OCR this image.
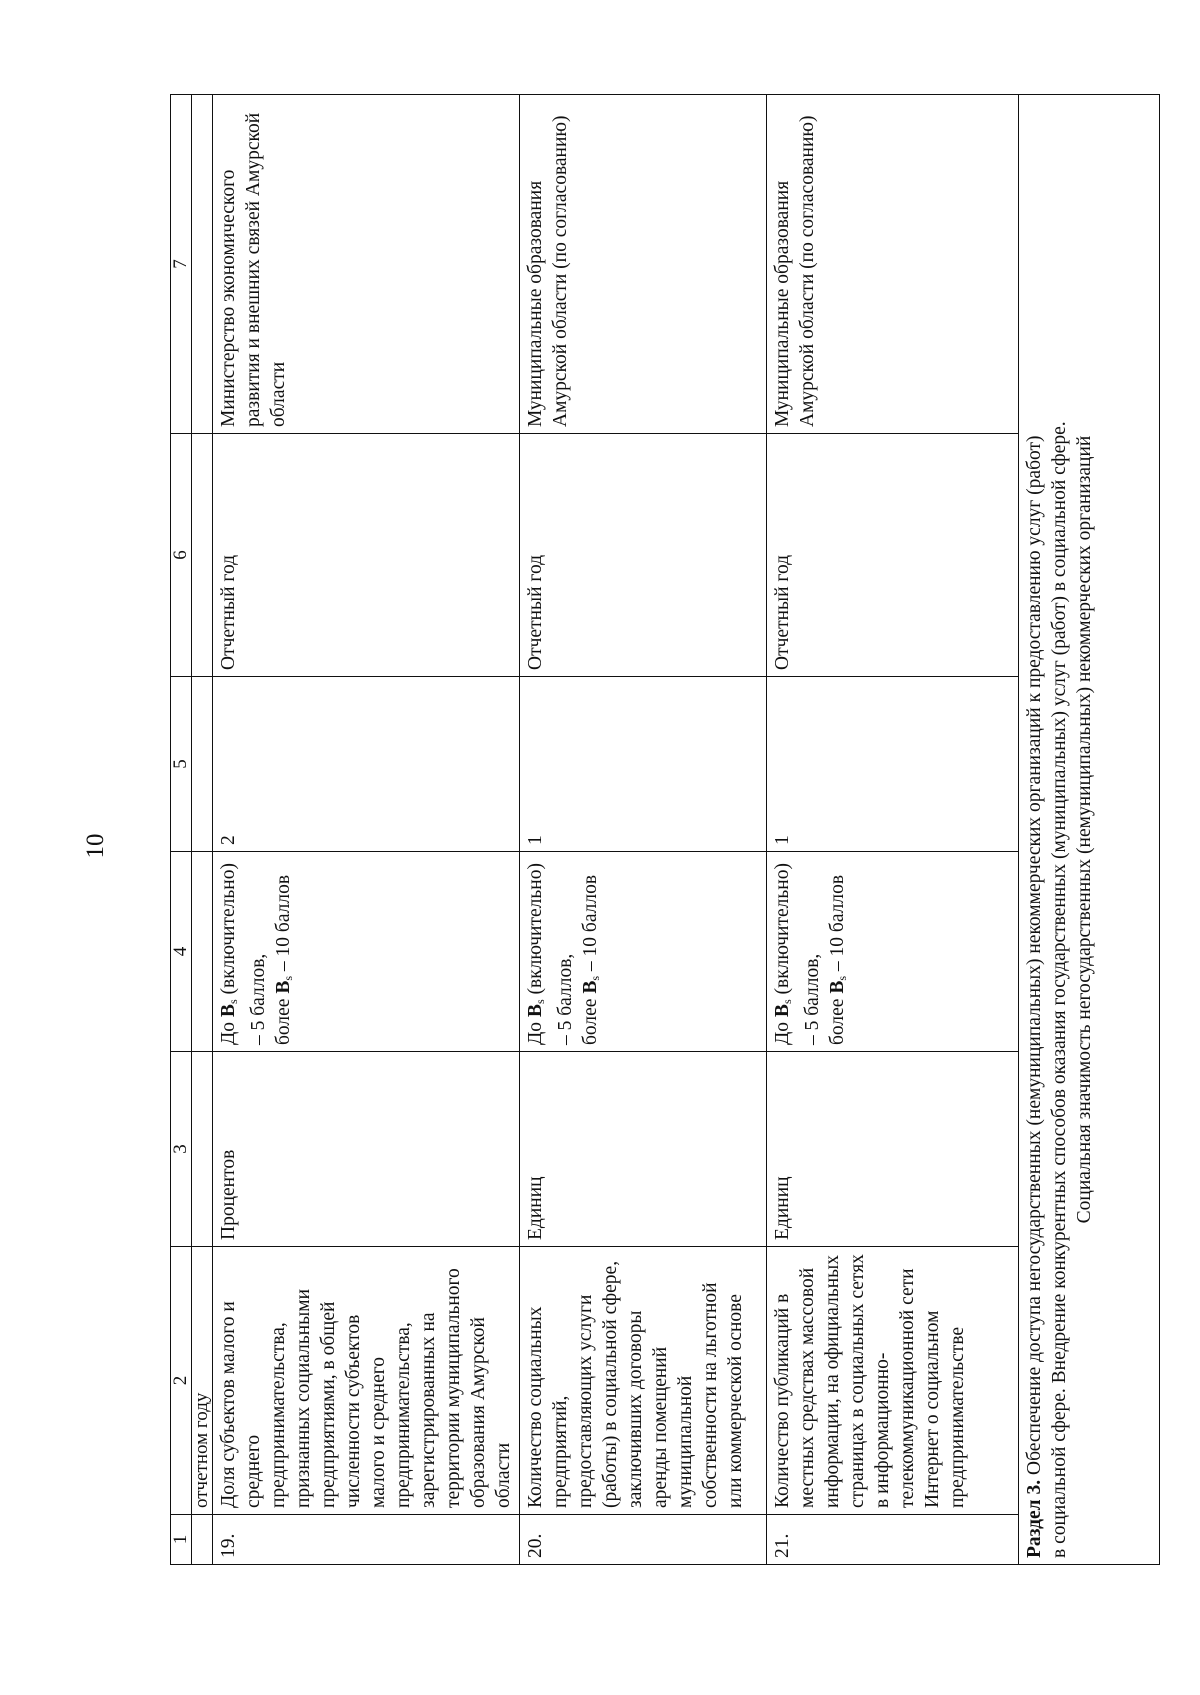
10
1	2	3	4	5	6	7
	отчетном году					
19.	Доля субъектов малого и среднего предпринимательства, признанных социальными предприятиями, в общей численности субъектов малого и среднего предпринимательства, зарегистрированных на территории муниципального образования Амурской области	Процентов	До $B_s$ (включительно) – 5 баллов, более $B_s - 10$ баллов	2	Отчетный год	Министерство экономического развития и внешних связей Амурской области
20.	Количество социальных предприятий, предоставляющих услуги (работы) в социальной сфере, заключивших договоры аренды помещений муниципальной собственности на льготной или коммерческой основе	Единиц	До $B_s$ (включительно) – 5 баллов, более $B_s - 10$ баллов	1	Отчетный год	Муниципальные образования Амурской области (по согласованию)
21.	Количество публикаций в местных средствах массовой информации, на официальных страницах в социальных сетях в информационно-телекоммуникационной сети Интернет о социальном предпринимательстве	Единиц	До $B_s$ (включительно) – 5 баллов, более $B_s - 10$ баллов	1	Отчетный год	Муниципальные образования Амурской области (по согласованию)

Раздел 3. Обеспечение доступа негосударственных (немуниципальных) некоммерческих организаций к предоставлению услуг (работ) в социальной сфере. Внедрение конкурентных способов оказания государственных (муниципальных) услуг (работ) в социальной сфере. Социальная значимость негосударственных (немуниципальных) некоммерческих организаций						
